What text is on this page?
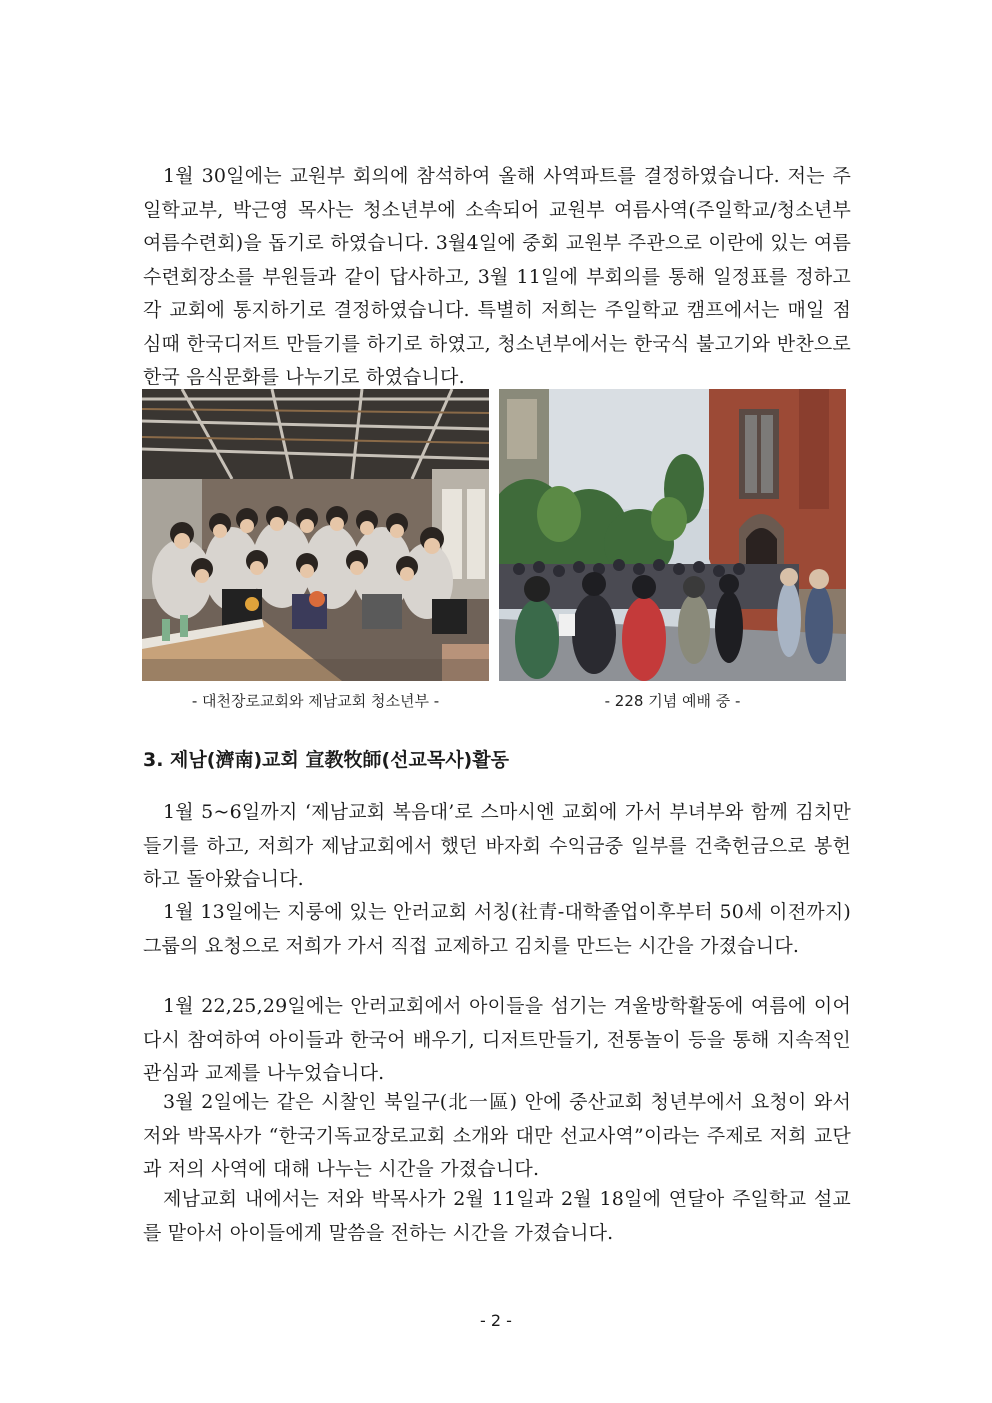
1월 30일에는 교원부 회의에 참석하여 올해 사역파트를 결정하였습니다. 저는 주일학교부, 박근영 목사는 청소년부에 소속되어 교원부 여름사역(주일학교/청소년부 여름수련회)을 돕기로 하였습니다. 3월4일에 중회 교원부 주관으로 이란에 있는 여름수련회장소를 부원들과 같이 답사하고, 3월 11일에 부회의를 통해 일정표를 정하고 각 교회에 통지하기로 결정하였습니다. 특별히 저희는 주일학교 캠프에서는 매일 점심때 한국디저트 만들기를 하기로 하였고, 청소년부에서는 한국식 불고기와 반찬으로 한국 음식문화를 나누기로 하였습니다.

- 대천장로교회와 제남교회 청소년부 -	- 228 기념 예배 중 -
3. 제남(濟南)교회 宣教牧師(선교목사)활동

1월 5~6일까지 ‘제남교회 복음대’로 스마시엔 교회에 가서 부녀부와 함께 김치만들기를 하고, 저희가 제남교회에서 했던 바자회 수익금중 일부를 건축헌금으로 봉헌하고 돌아왔습니다.

1월 13일에는 지룽에 있는 안러교회 서칭(社青-대학졸업이후부터 50세 이전까지)그룹의 요청으로 저희가 가서 직접 교제하고 김치를 만드는 시간을 가졌습니다.

1월 22,25,29일에는 안러교회에서 아이들을 섬기는 겨울방학활동에 여름에 이어 다시 참여하여 아이들과 한국어 배우기, 디저트만들기, 전통놀이 등을 통해 지속적인 관심과 교제를 나누었습니다.

3월 2일에는 같은 시찰인 북일구(北一區) 안에 중산교회 청년부에서 요청이 와서 저와 박목사가 “한국기독교장로교회 소개와 대만 선교사역”이라는 주제로 저희 교단과 저의 사역에 대해 나누는 시간을 가졌습니다.

제남교회 내에서는 저와 박목사가 2월 11일과 2월 18일에 연달아 주일학교 설교를 맡아서 아이들에게 말씀을 전하는 시간을 가졌습니다.

- 2 -
